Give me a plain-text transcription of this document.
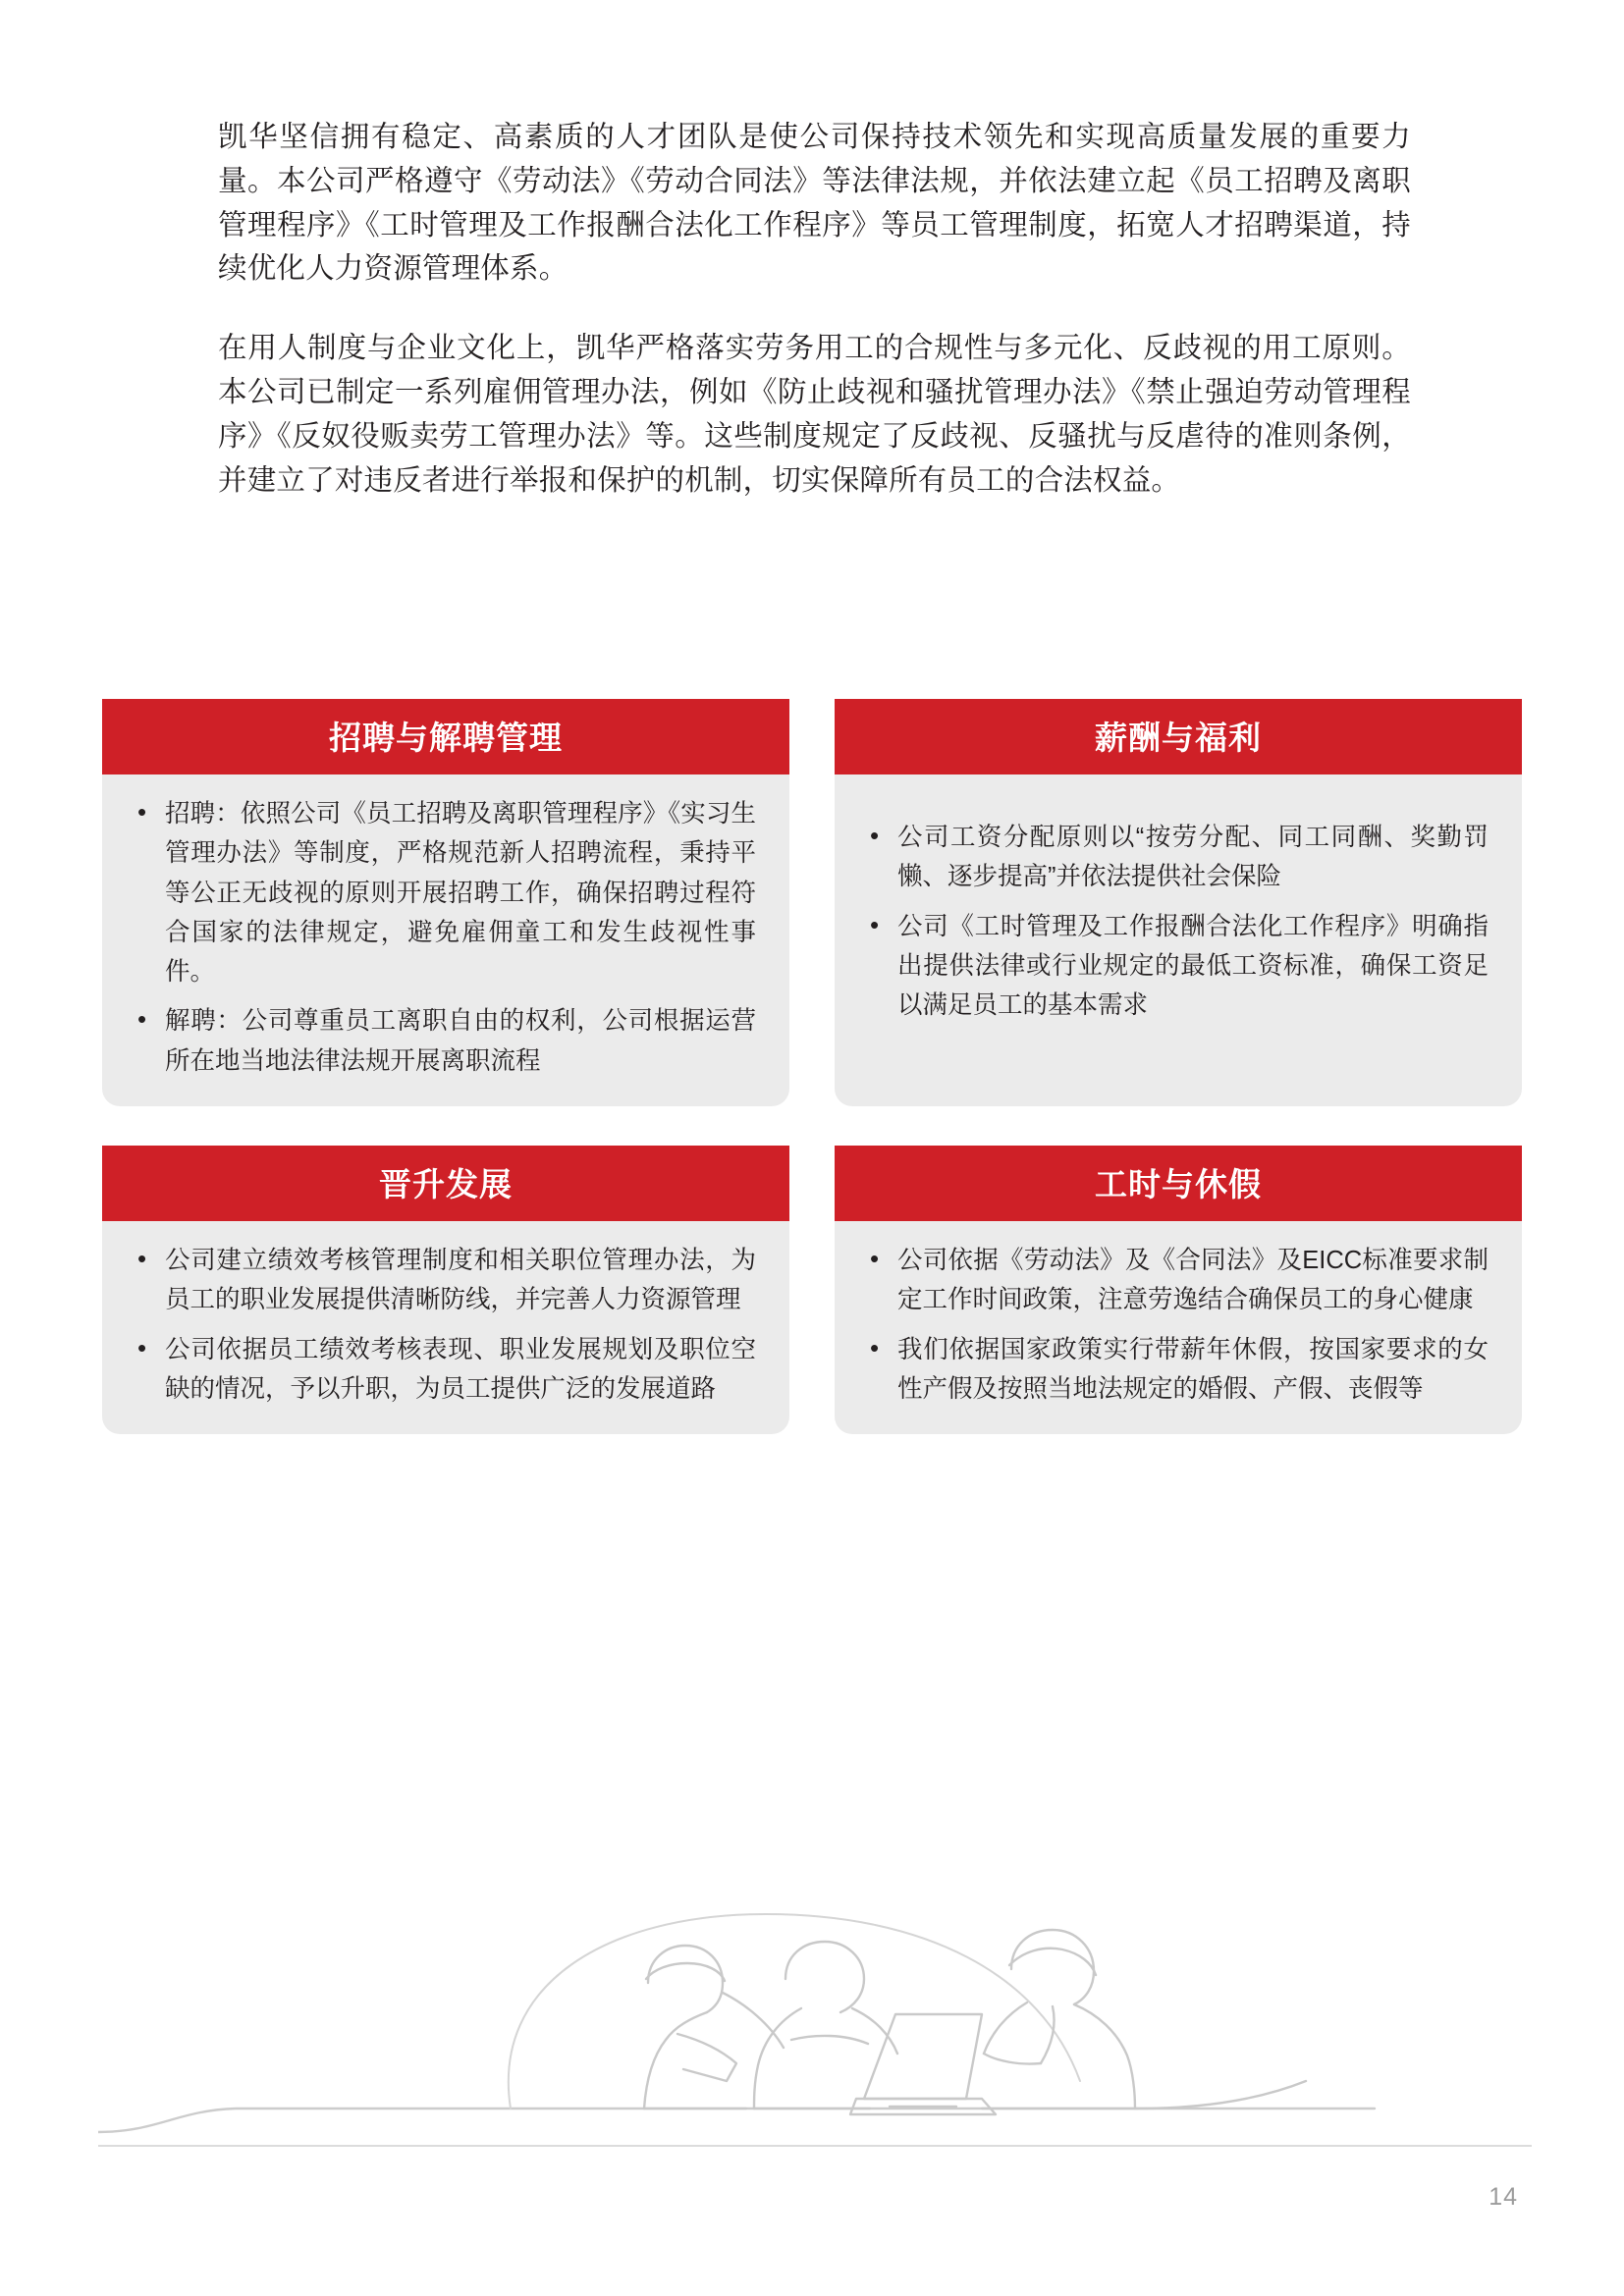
凯华坚信拥有稳定、高素质的人才团队是使公司保持技术领先和实现高质量发展的重要力量。本公司严格遵守《劳动法》《劳动合同法》等法律法规，并依法建立起《员工招聘及离职管理程序》《工时管理及工作报酬合法化工作程序》等员工管理制度，拓宽人才招聘渠道，持续优化人力资源管理体系。

在用人制度与企业文化上，凯华严格落实劳务用工的合规性与多元化、反歧视的用工原则。本公司已制定一系列雇佣管理办法，例如《防止歧视和骚扰管理办法》《禁止强迫劳动管理程序》《反奴役贩卖劳工管理办法》等。这些制度规定了反歧视、反骚扰与反虐待的准则条例，并建立了对违反者进行举报和保护的机制，切实保障所有员工的合法权益。

招聘与解聘管理
• 招聘：依照公司《员工招聘及离职管理程序》《实习生管理办法》等制度，严格规范新人招聘流程，秉持平等公正无歧视的原则开展招聘工作，确保招聘过程符合国家的法律规定，避免雇佣童工和发生歧视性事件。
• 解聘：公司尊重员工离职自由的权利，公司根据运营所在地当地法律法规开展离职流程
薪酬与福利
• 公司工资分配原则以“按劳分配、同工同酬、奖勤罚懒、逐步提高”并依法提供社会保险
• 公司《工时管理及工作报酬合法化工作程序》明确指出提供法律或行业规定的最低工资标准，确保工资足以满足员工的基本需求
晋升发展
• 公司建立绩效考核管理制度和相关职位管理办法，为员工的职业发展提供清晰防线，并完善人力资源管理
• 公司依据员工绩效考核表现、职业发展规划及职位空缺的情况，予以升职，为员工提供广泛的发展道路
工时与休假
• 公司依据《劳动法》及《合同法》及EICC标准要求制定工作时间政策，注意劳逸结合确保员工的身心健康
• 我们依据国家政策实行带薪年休假，按国家要求的女性产假及按照当地法规定的婚假、产假、丧假等
14
